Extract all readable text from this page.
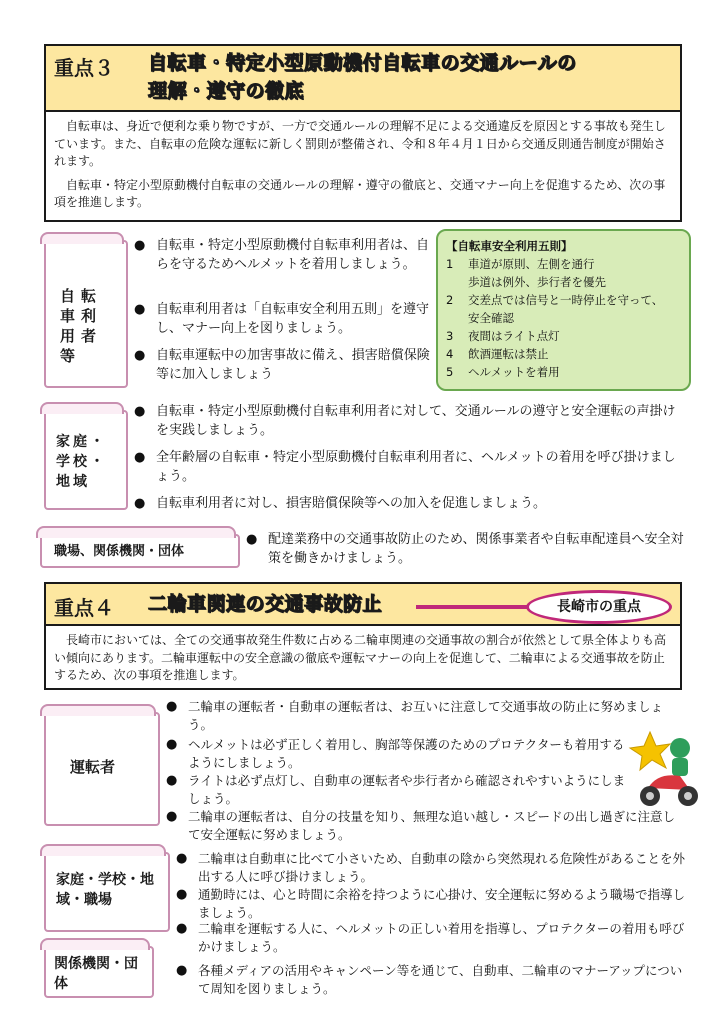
重点３ 自転車・特定小型原動機付自転車の交通ルールの
理解・遵守の徹底

自転車は、身近で便利な乗り物ですが、一方で交通ルールの理解不足による交通違反を原因とする事故も発生しています。また、自転車の危険な運転に新しく罰則が整備され、令和８年４月１日から交通反則通告制度が開始されます。

自転車・特定小型原動機付自転車の交通ルールの理解・遵守の徹底と、交通マナー向上を促進するため、次の事項を推進します。

自転車利用者等
● 自転車・特定小型原動機付自転車利用者は、自らを守るためヘルメットを着用しましょう。
● 自転車利用者は「自転車安全利用五則」を遵守し、マナー向上を図りましょう。
● 自転車運転中の加害事故に備え、損害賠償保険等に加入しましょう
【自転車安全利用五則】
1	車道が原則、左側を通行
歩道は例外、歩行者を優先
2	交差点では信号と一時停止を守って、
安全確認
3	夜間はライト点灯
4	飲酒運転は禁止
5	ヘルメットを着用
家庭・学校・地域
● 自転車・特定小型原動機付自転車利用者に対して、交通ルールの遵守と安全運転の声掛けを実践しましょう。
● 全年齢層の自転車・特定小型原動機付自転車利用者に、ヘルメットの着用を呼び掛けましょう。
● 自転車利用者に対し、損害賠償保険等への加入を促進しましょう。
職場、関係機関・団体
● 配達業務中の交通事故防止のため、関係事業者や自転車配達員へ安全対策を働きかけましょう。
重点４ 二輪車関連の交通事故防止	長崎市の重点
長崎市においては、全ての交通事故発生件数に占める二輪車関連の交通事故の割合が依然として県全体よりも高い傾向にあります。二輪車運転中の安全意識の徹底や運転マナーの向上を促進して、二輪車による交通事故を防止するため、次の事項を推進します。
運転者
● 二輪車の運転者・自動車の運転者は、お互いに注意して交通事故の防止に努めましょう。
● ヘルメットは必ず正しく着用し、胸部等保護のためのプロテクターも着用するようにしましょう。
● ライトは必ず点灯し、自動車の運転者や歩行者から確認されやすいようにしましょう。
● 二輪車の運転者は、自分の技量を知り、無理な追い越し・スピードの出し過ぎに注意して安全運転に努めましょう。
家庭・学校・地域・職場
● 二輪車は自動車に比べて小さいため、自動車の陰から突然現れる危険性があることを外出する人に呼び掛けましょう。
● 通勤時には、心と時間に余裕を持つように心掛け、安全運転に努めるよう職場で指導しましょう。
● 二輪車を運転する人に、ヘルメットの正しい着用を指導し、プロテクターの着用も呼びかけましょう。
関係機関・団体
● 各種メディアの活用やキャンペーン等を通じて、自動車、二輪車のマナーアップについて周知を図りましょう。
